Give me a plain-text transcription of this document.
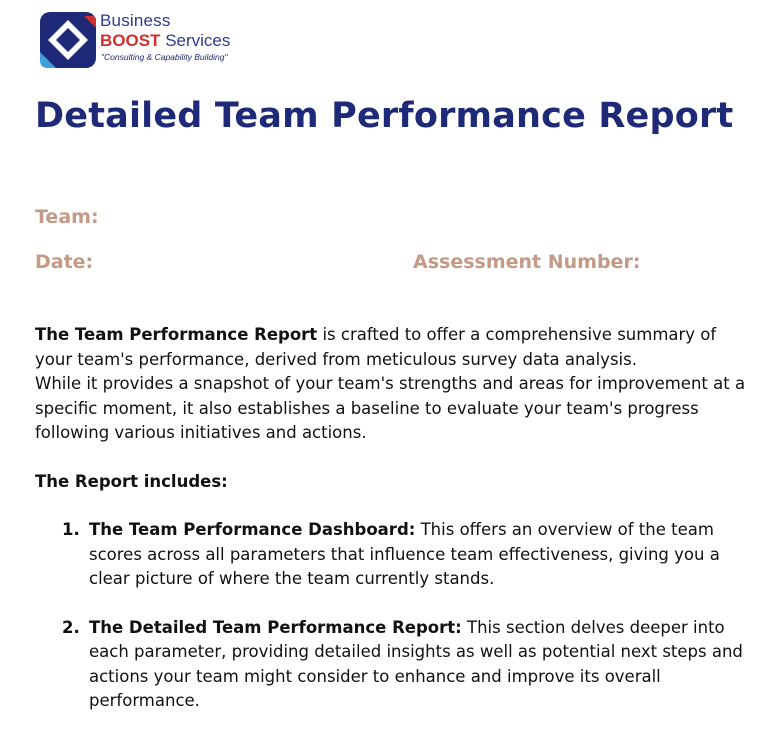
Business
BOOST Services
"Consulting & Capability Building"
Detailed Team Performance Report
Team:
Date:	Assessment Number:

The Team Performance Report is crafted to offer a comprehensive summary of your team's performance, derived from meticulous survey data analysis.

While it provides a snapshot of your team's strengths and areas for improvement at a specific moment, it also establishes a baseline to evaluate your team's progress following various initiatives and actions.

The Report includes:

1. The Team Performance Dashboard: This offers an overview of the team scores across all parameters that influence team effectiveness, giving you a clear picture of where the team currently stands.
2. The Detailed Team Performance Report: This section delves deeper into each parameter, providing detailed insights as well as potential next steps and actions your team might consider to enhance and improve its overall performance.
